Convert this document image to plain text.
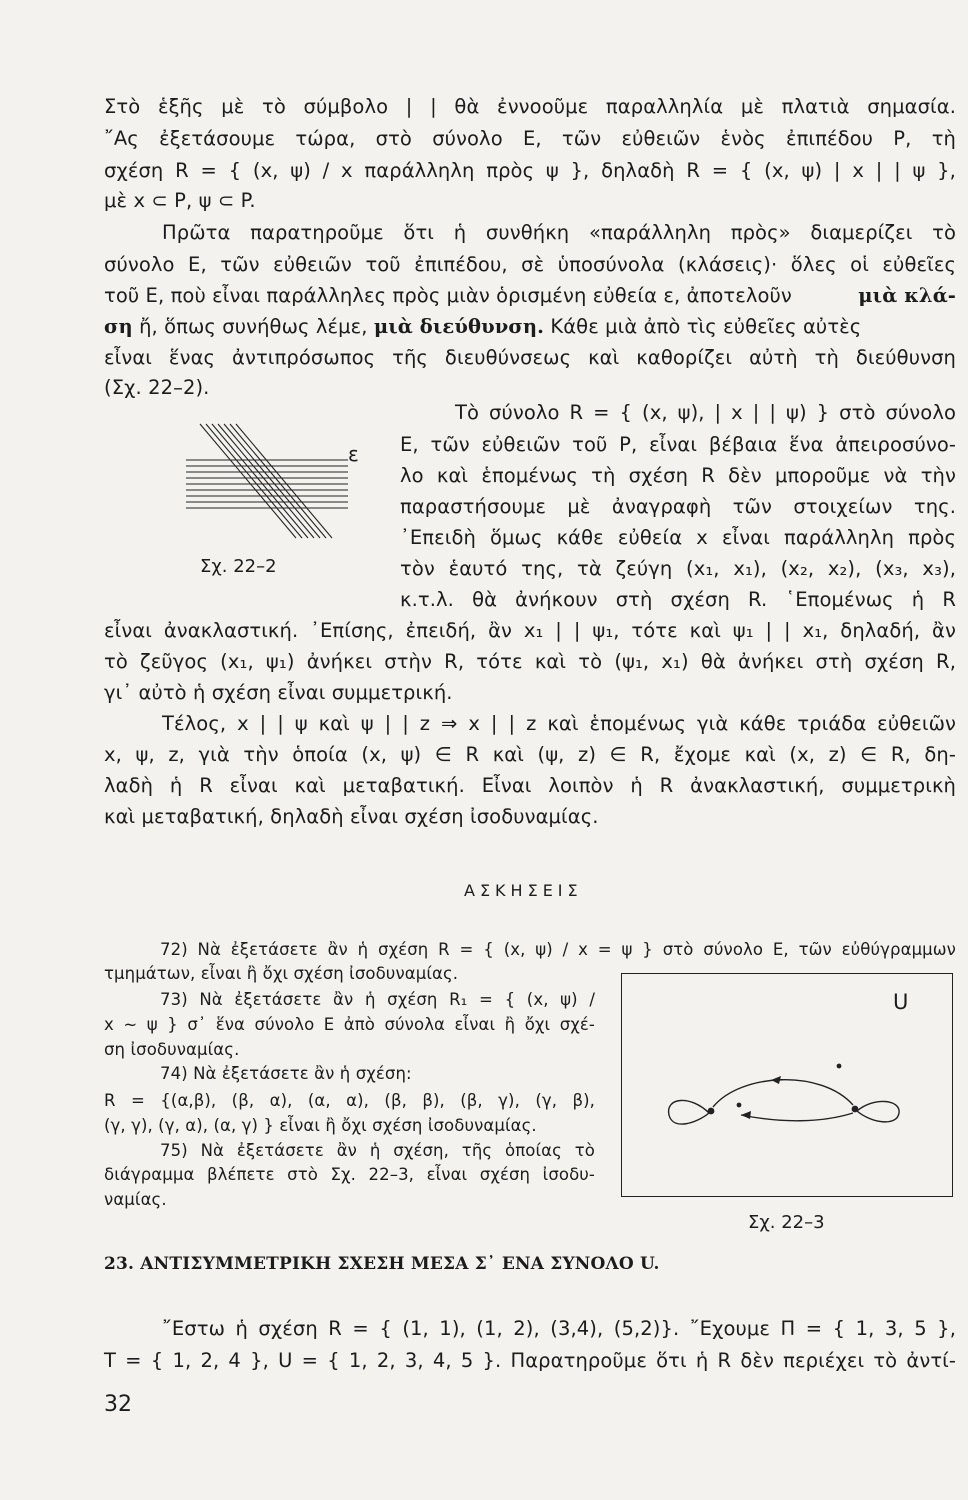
Στὸ ἑξῆς μὲ τὸ σύμβολο | | θὰ ἐννοοῦμε παραλληλία μὲ πλατιὰ σημασία.
῎Ας ἐξετάσουμε τώρα, στὸ σύνολο Ε, τῶν εὐθειῶν ἑνὸς ἐπιπέδου Ρ, τὴ
σχέση R = { (x, ψ) / x παράλληλη πρὸς ψ }, δηλαδὴ R = { (x, ψ) | x | | ψ },
μὲ x ⊂ P, ψ ⊂ P.
Πρῶτα παρατηροῦμε ὅτι ἡ συνθήκη «παράλληλη πρὸς» διαμερίζει τὸ
σύνολο Ε, τῶν εὐθειῶν τοῦ ἐπιπέδου, σὲ ὑποσύνολα (κλάσεις)· ὅλες οἱ εὐθεῖες
τοῦ Ε, ποὺ εἶναι παράλληλες πρὸς μιὰν ὁρισμένη εὐθεία ε, ἀποτελοῦν	μιὰ κλά-
ση ἤ, ὅπως συνήθως λέμε, μιὰ διεύθυνση. Κάθε μιὰ ἀπὸ τὶς εὐθεῖες αὐτὲς
εἶναι ἕνας ἀντιπρόσωπος τῆς διευθύνσεως καὶ καθορίζει αὐτὴ τὴ διεύθυνση
(Σχ. 22–2).
ε
Σχ. 22–2
Τὸ σύνολο R = { (x, ψ), | x | | ψ) } στὸ σύνολο
Ε, τῶν εὐθειῶν τοῦ Ρ, εἶναι βέβαια ἕνα ἀπειροσύνο-
λο καὶ ἑπομένως τὴ σχέση R δὲν μποροῦμε νὰ τὴν
παραστήσουμε μὲ ἀναγραφὴ τῶν στοιχείων της.
᾿Επειδὴ ὅμως κάθε εὐθεία x εἶναι παράλληλη πρὸς
τὸν ἑαυτό της, τὰ ζεύγη (x₁, x₁), (x₂, x₂), (x₃, x₃),
κ.τ.λ. θὰ ἀνήκουν στὴ σχέση R. ῾Επομένως ἡ R
εἶναι ἀνακλαστική. ᾿Επίσης, ἐπειδή, ἂν x₁ | | ψ₁, τότε καὶ ψ₁ | | x₁, δηλαδή, ἂν
τὸ ζεῦγος (x₁, ψ₁) ἀνήκει στὴν R, τότε καὶ τὸ (ψ₁, x₁) θὰ ἀνήκει στὴ σχέση R,
γι᾿ αὐτὸ ἡ σχέση εἶναι συμμετρική.
Τέλος, x | | ψ καὶ ψ | | z ⇒ x | | z καὶ ἑπομένως γιὰ κάθε τριάδα εὐθειῶν
x, ψ, z, γιὰ τὴν ὁποία (x, ψ) ∈ R καὶ (ψ, z) ∈ R, ἔχομε καὶ (x, z) ∈ R, δη-
λαδὴ ἡ R εἶναι καὶ μεταβατική. Εἶναι λοιπὸν ἡ R ἀνακλαστική, συμμετρικὴ
καὶ μεταβατική, δηλαδὴ εἶναι σχέση ἰσοδυναμίας.
ΑΣΚΗΣΕΙΣ
72) Νὰ ἐξετάσετε ἂν ἡ σχέση R = { (x, ψ) / x = ψ } στὸ σύνολο Ε, τῶν εὐθύγραμμων
τμημάτων, εἶναι ἢ ὄχι σχέση ἰσοδυναμίας.
73) Νὰ ἐξετάσετε ἂν ἡ σχέση R₁ = { (x, ψ) /
x ∼ ψ } σ᾿ ἕνα σύνολο Ε ἀπὸ σύνολα εἶναι ἢ ὄχι σχέ-
ση ἰσοδυναμίας.
74) Νὰ ἐξετάσετε ἂν ἡ σχέση:
R = {(α,β), (β, α), (α, α), (β, β), (β, γ), (γ, β),
(γ, γ), (γ, α), (α, γ) } εἶναι ἢ ὄχι σχέση ἰσοδυναμίας.
75) Νὰ ἐξετάσετε ἂν ἡ σχέση, τῆς ὁποίας τὸ
διάγραμμα βλέπετε στὸ Σχ. 22–3, εἶναι σχέση ἰσοδυ-
ναμίας.
U
Σχ. 22–3
23. ΑΝΤΙΣΥΜΜΕΤΡΙΚΗ ΣΧΕΣΗ ΜΕΣΑ Σ᾿ ΕΝΑ ΣΥΝΟΛΟ U.
῎Εστω ἡ σχέση R = { (1, 1), (1, 2), (3,4), (5,2)}. ῎Εχουμε Π = { 1, 3, 5 },
T = { 1, 2, 4 }, U = { 1, 2, 3, 4, 5 }. Παρατηροῦμε ὅτι ἡ R δὲν περιέχει τὸ ἀντί-
32
